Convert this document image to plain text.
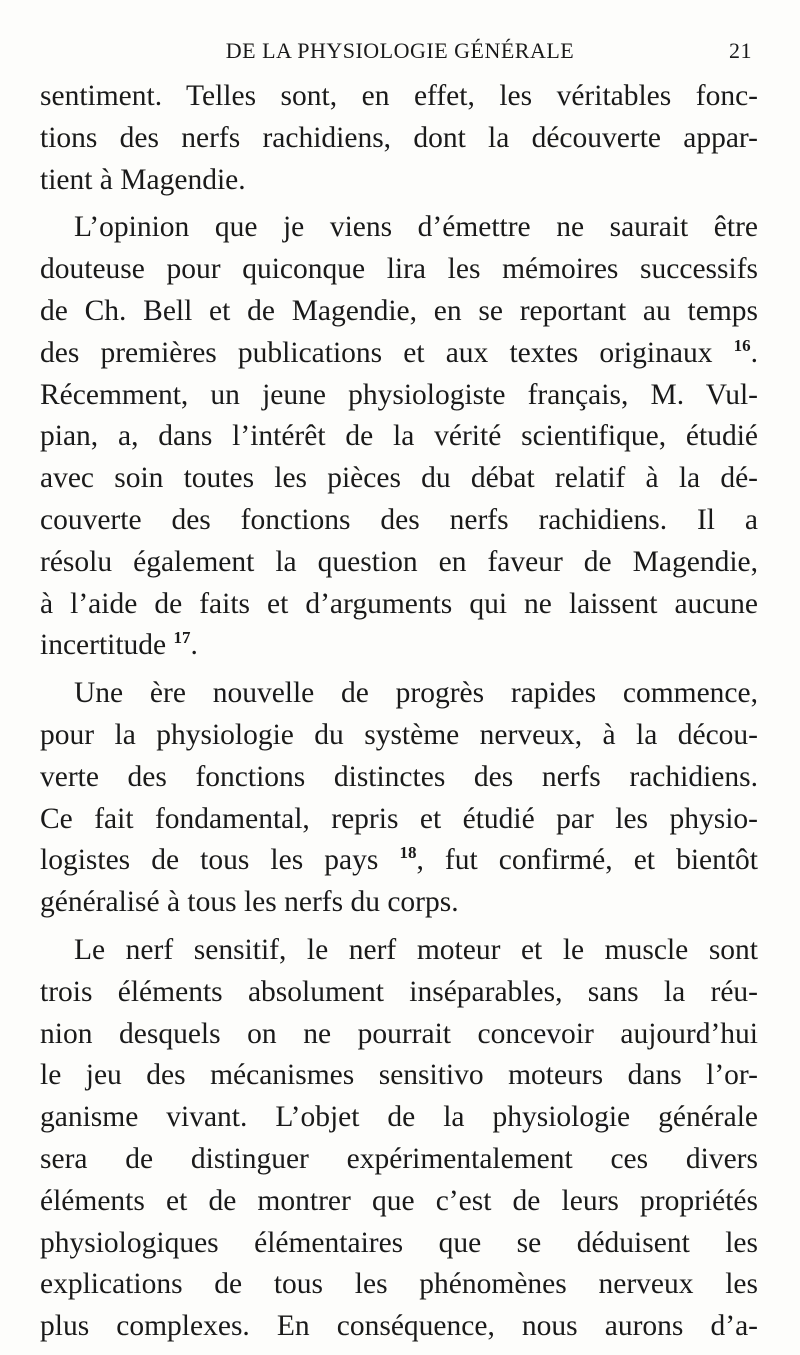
DE LA PHYSIOLOGIE GÉNÉRALE	21
sentiment. Telles sont, en effet, les véritables fonc-
tions des nerfs rachidiens, dont la découverte appar-
tient à Magendie.
L’opinion que je viens d’émettre ne saurait être
douteuse pour quiconque lira les mémoires successifs
de Ch. Bell et de Magendie, en se reportant au temps
des premières publications et aux textes originaux $^{16}$.
Récemment, un jeune physiologiste français, M. Vul-
pian, a, dans l’intérêt de la vérité scientifique, étudié
avec soin toutes les pièces du débat relatif à la dé-
couverte des fonctions des nerfs rachidiens. Il a
résolu également la question en faveur de Magendie,
à l’aide de faits et d’arguments qui ne laissent aucune
incertitude $^{17}$.
Une ère nouvelle de progrès rapides commence,
pour la physiologie du système nerveux, à la décou-
verte des fonctions distinctes des nerfs rachidiens.
Ce fait fondamental, repris et étudié par les physio-
logistes de tous les pays $^{18}$, fut confirmé, et bientôt
généralisé à tous les nerfs du corps.
Le nerf sensitif, le nerf moteur et le muscle sont
trois éléments absolument inséparables, sans la réu-
nion desquels on ne pourrait concevoir aujourd’hui
le jeu des mécanismes sensitivo moteurs dans l’or-
ganisme vivant. L’objet de la physiologie générale
sera de distinguer expérimentalement ces divers
éléments et de montrer que c’est de leurs propriétés
physiologiques élémentaires que se déduisent les
explications de tous les phénomènes nerveux les
plus complexes. En conséquence, nous aurons d’a-
